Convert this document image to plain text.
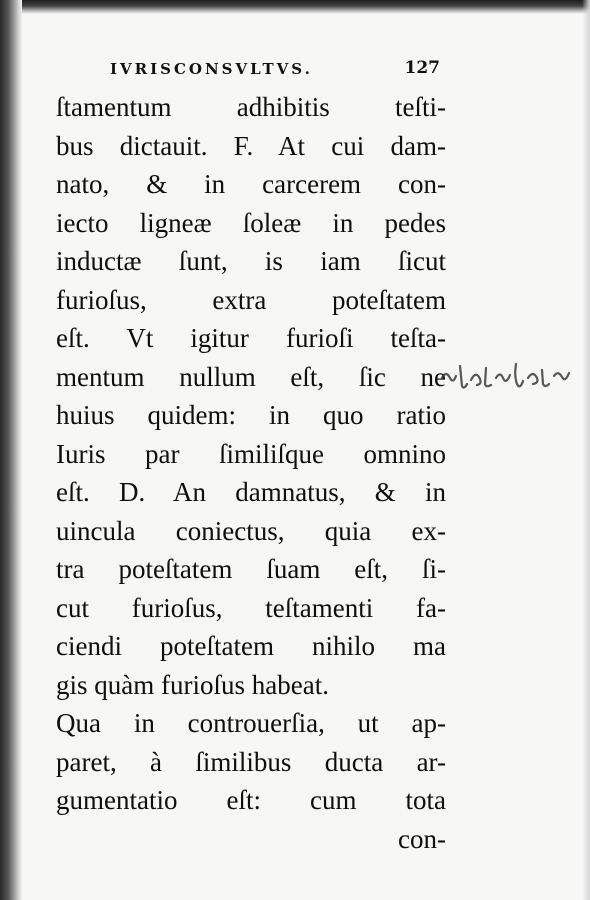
IVRISCONSVLTVS.	127
ſtamentum adhibitis teſti-
bus dictauit. F. At cui dam-
nato, & in carcerem con-
iecto ligneæ ſoleæ in pedes
inductæ ſunt, is iam ſicut
furioſus, extra poteſtatem
eſt. Vt igitur furioſi teſta-
mentum nullum eſt, ſic ne
huius quidem: in quo ratio
Iuris par ſimiliſque omnino
eſt. D. An damnatus, & in
uincula coniectus, quia ex-
tra poteſtatem ſuam eſt, ſi-
cut furioſus, teſtamenti fa-
ciendi poteſtatem nihilo ma
gis quàm furioſus habeat.
Qua in controuerſia, ut ap-
paret, à ſimilibus ducta ar-
gumentatio eſt: cum tota
con-
